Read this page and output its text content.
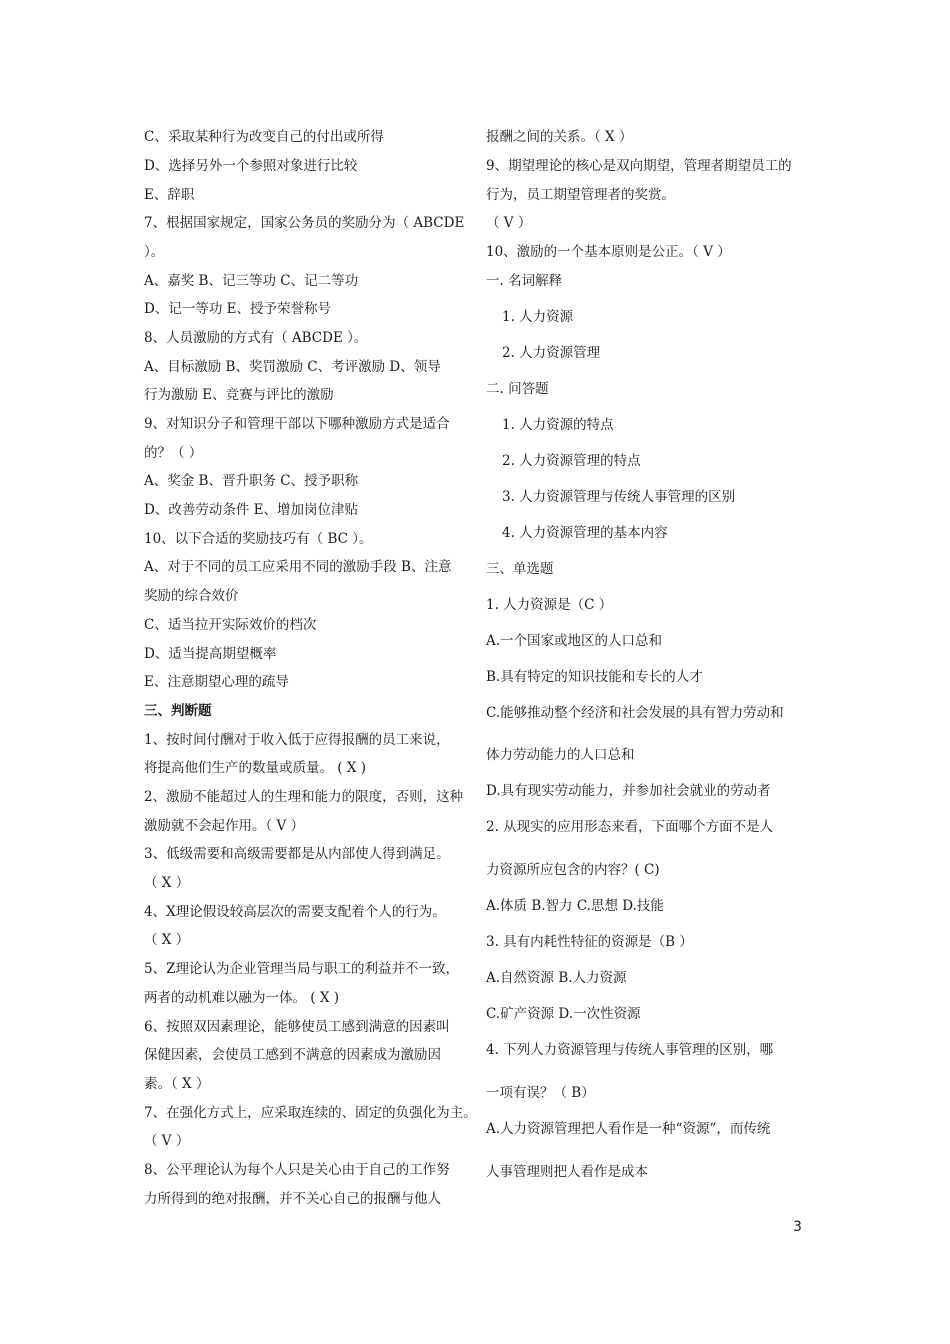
C、采取某种行为改变自己的付出或所得
D、选择另外一个参照对象进行比较
E、辞职
7、根据国家规定，国家公务员的奖励分为（ ABCDE
）。
A、嘉奖 B、记三等功 C、记二等功
D、记一等功 E、授予荣誉称号
8、人员激励的方式有（ ABCDE ）。
A、目标激励 B、奖罚激励 C、考评激励 D、领导
行为激励 E、竞赛与评比的激励
9、对知识分子和管理干部以下哪种激励方式是适合
的？（ ）
A、奖金 B、晋升职务 C、授予职称
D、改善劳动条件 E、增加岗位津贴
10、以下合适的奖励技巧有（ BC ）。
A、对于不同的员工应采用不同的激励手段 B、注意
奖励的综合效价
C、适当拉开实际效价的档次
D、适当提高期望概率
E、注意期望心理的疏导
三、判断题
1、按时间付酬对于收入低于应得报酬的员工来说，
将提高他们生产的数量或质量。 ( X )
2、激励不能超过人的生理和能力的限度，否则，这种
激励就不会起作用。（ V ）
3、低级需要和高级需要都是从内部使人得到满足。
（ X ）
4、X理论假设较高层次的需要支配着个人的行为。
（ X ）
5、Z理论认为企业管理当局与职工的利益并不一致，
两者的动机难以融为一体。 ( X )
6、按照双因素理论，能够使员工感到满意的因素叫
保健因素，会使员工感到不满意的因素成为激励因
素。（ X ）
7、在强化方式上，应采取连续的、固定的负强化为主。
（ V ）
8、公平理论认为每个人只是关心由于自己的工作努
力所得到的绝对报酬，并不关心自己的报酬与他人
报酬之间的关系。（ X ）
9、期望理论的核心是双向期望，管理者期望员工的
行为，员工期望管理者的奖赏。
（ V ）
10、激励的一个基本原则是公正。（ V ）
一. 名词解释
1. 人力资源
2. 人力资源管理
二. 问答题
1. 人力资源的特点
2. 人力资源管理的特点
3. 人力资源管理与传统人事管理的区别
4. 人力资源管理的基本内容
三、单选题
1. 人力资源是（C ）
A.一个国家或地区的人口总和
B.具有特定的知识技能和专长的人才
C.能够推动整个经济和社会发展的具有智力劳动和
体力劳动能力的人口总和
D.具有现实劳动能力，并参加社会就业的劳动者
2. 从现实的应用形态来看，下面哪个方面不是人
力资源所应包含的内容？( C)
A.体质 B.智力 C.思想 D.技能
3. 具有内耗性特征的资源是（B ）
A.自然资源 B.人力资源
C.矿产资源 D.一次性资源
4. 下列人力资源管理与传统人事管理的区别，哪
一项有误？（ B）
A.人力资源管理把人看作是一种“资源”，而传统
人事管理则把人看作是成本
3
